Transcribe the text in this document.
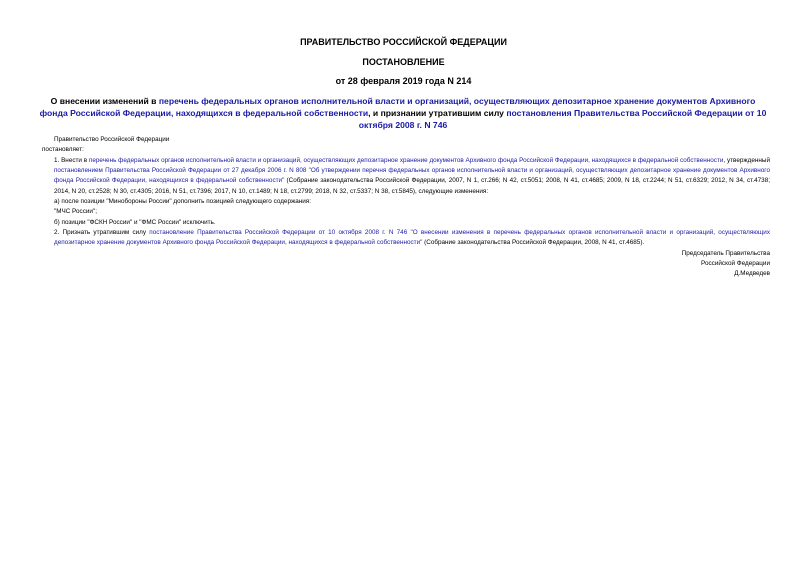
ПРАВИТЕЛЬСТВО РОССИЙСКОЙ ФЕДЕРАЦИИ
ПОСТАНОВЛЕНИЕ
от 28 февраля 2019 года N 214
О внесении изменений в перечень федеральных органов исполнительной власти и организаций, осуществляющих депозитарное хранение документов Архивного фонда Российской Федерации, находящихся в федеральной собственности, и признании утратившим силу постановления Правительства Российской Федерации от 10 октября 2008 г. N 746

Правительство Российской Федерации

постановляет:

1. Внести в перечень федеральных органов исполнительной власти и организаций, осуществляющих депозитарное хранение документов Архивного фонда Российской Федерации, находящихся в федеральной собственности, утвержденный постановлением Правительства Российской Федерации от 27 декабря 2006 г. N 808 "Об утверждении перечня федеральных органов исполнительной власти и организаций, осуществляющих депозитарное хранение документов Архивного фонда Российской Федерации, находящихся в федеральной собственности" (Собрание законодательства Российской Федерации, 2007, N 1, ст.266; N 42, ст.5051; 2008, N 41, ст.4685; 2009, N 18, ст.2244; N 51, ст.6329; 2012, N 34, ст.4738; 2014, N 20, ст.2528; N 30, ст.4305; 2016, N 51, ст.7396; 2017, N 10, ст.1489; N 18, ст.2799; 2018, N 32, ст.5337; N 38, ст.5845), следующие изменения:

а) после позиции "Минобороны России" дополнить позицией следующего содержания:

"МЧС России";

б) позиции "ФСКН России" и "ФМС России" исключить.

2. Признать утратившим силу постановление Правительства Российской Федерации от 10 октября 2008 г. N 746 "О внесении изменения в перечень федеральных органов исполнительной власти и организаций, осуществляющих депозитарное хранение документов Архивного фонда Российской Федерации, находящихся в федеральной собственности" (Собрание законодательства Российской Федерации, 2008, N 41, ст.4685).

Председатель Правительства

Российской Федерации

Д.Медведев
